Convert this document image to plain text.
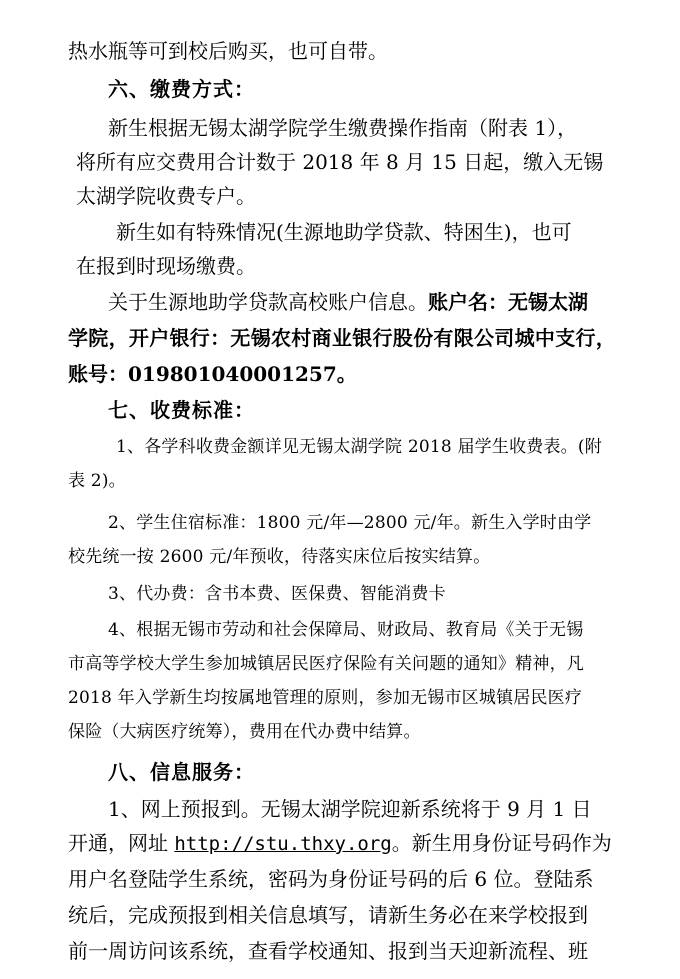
热水瓶等可到校后购买，也可自带。
六、缴费方式：
新生根据无锡太湖学院学生缴费操作指南（附表 1），
将所有应交费用合计数于 2018 年 8 月 15 日起，缴入无锡
太湖学院收费专户。
新生如有特殊情况(生源地助学贷款、特困生)，也可
在报到时现场缴费。
关于生源地助学贷款高校账户信息。账户名：无锡太湖
学院，开户银行：无锡农村商业银行股份有限公司城中支行，
账号：019801040001257。
七、收费标准：
1、各学科收费金额详见无锡太湖学院 2018 届学生收费表。(附
表 2)。
2、学生住宿标准：1800 元/年—2800 元/年。新生入学时由学
校先统一按 2600 元/年预收，待落实床位后按实结算。
3、代办费：含书本费、医保费、智能消费卡
4、根据无锡市劳动和社会保障局、财政局、教育局《关于无锡
市高等学校大学生参加城镇居民医疗保险有关问题的通知》精神，凡
2018 年入学新生均按属地管理的原则，参加无锡市区城镇居民医疗
保险（大病医疗统筹），费用在代办费中结算。
八、信息服务：
1、网上预报到。无锡太湖学院迎新系统将于 9 月 1 日
开通，网址 http://stu.thxy.org。新生用身份证号码作为
用户名登陆学生系统，密码为身份证号码的后 6 位。登陆系
统后，完成预报到相关信息填写，请新生务必在来学校报到
前一周访问该系统，查看学校通知、报到当天迎新流程、班
